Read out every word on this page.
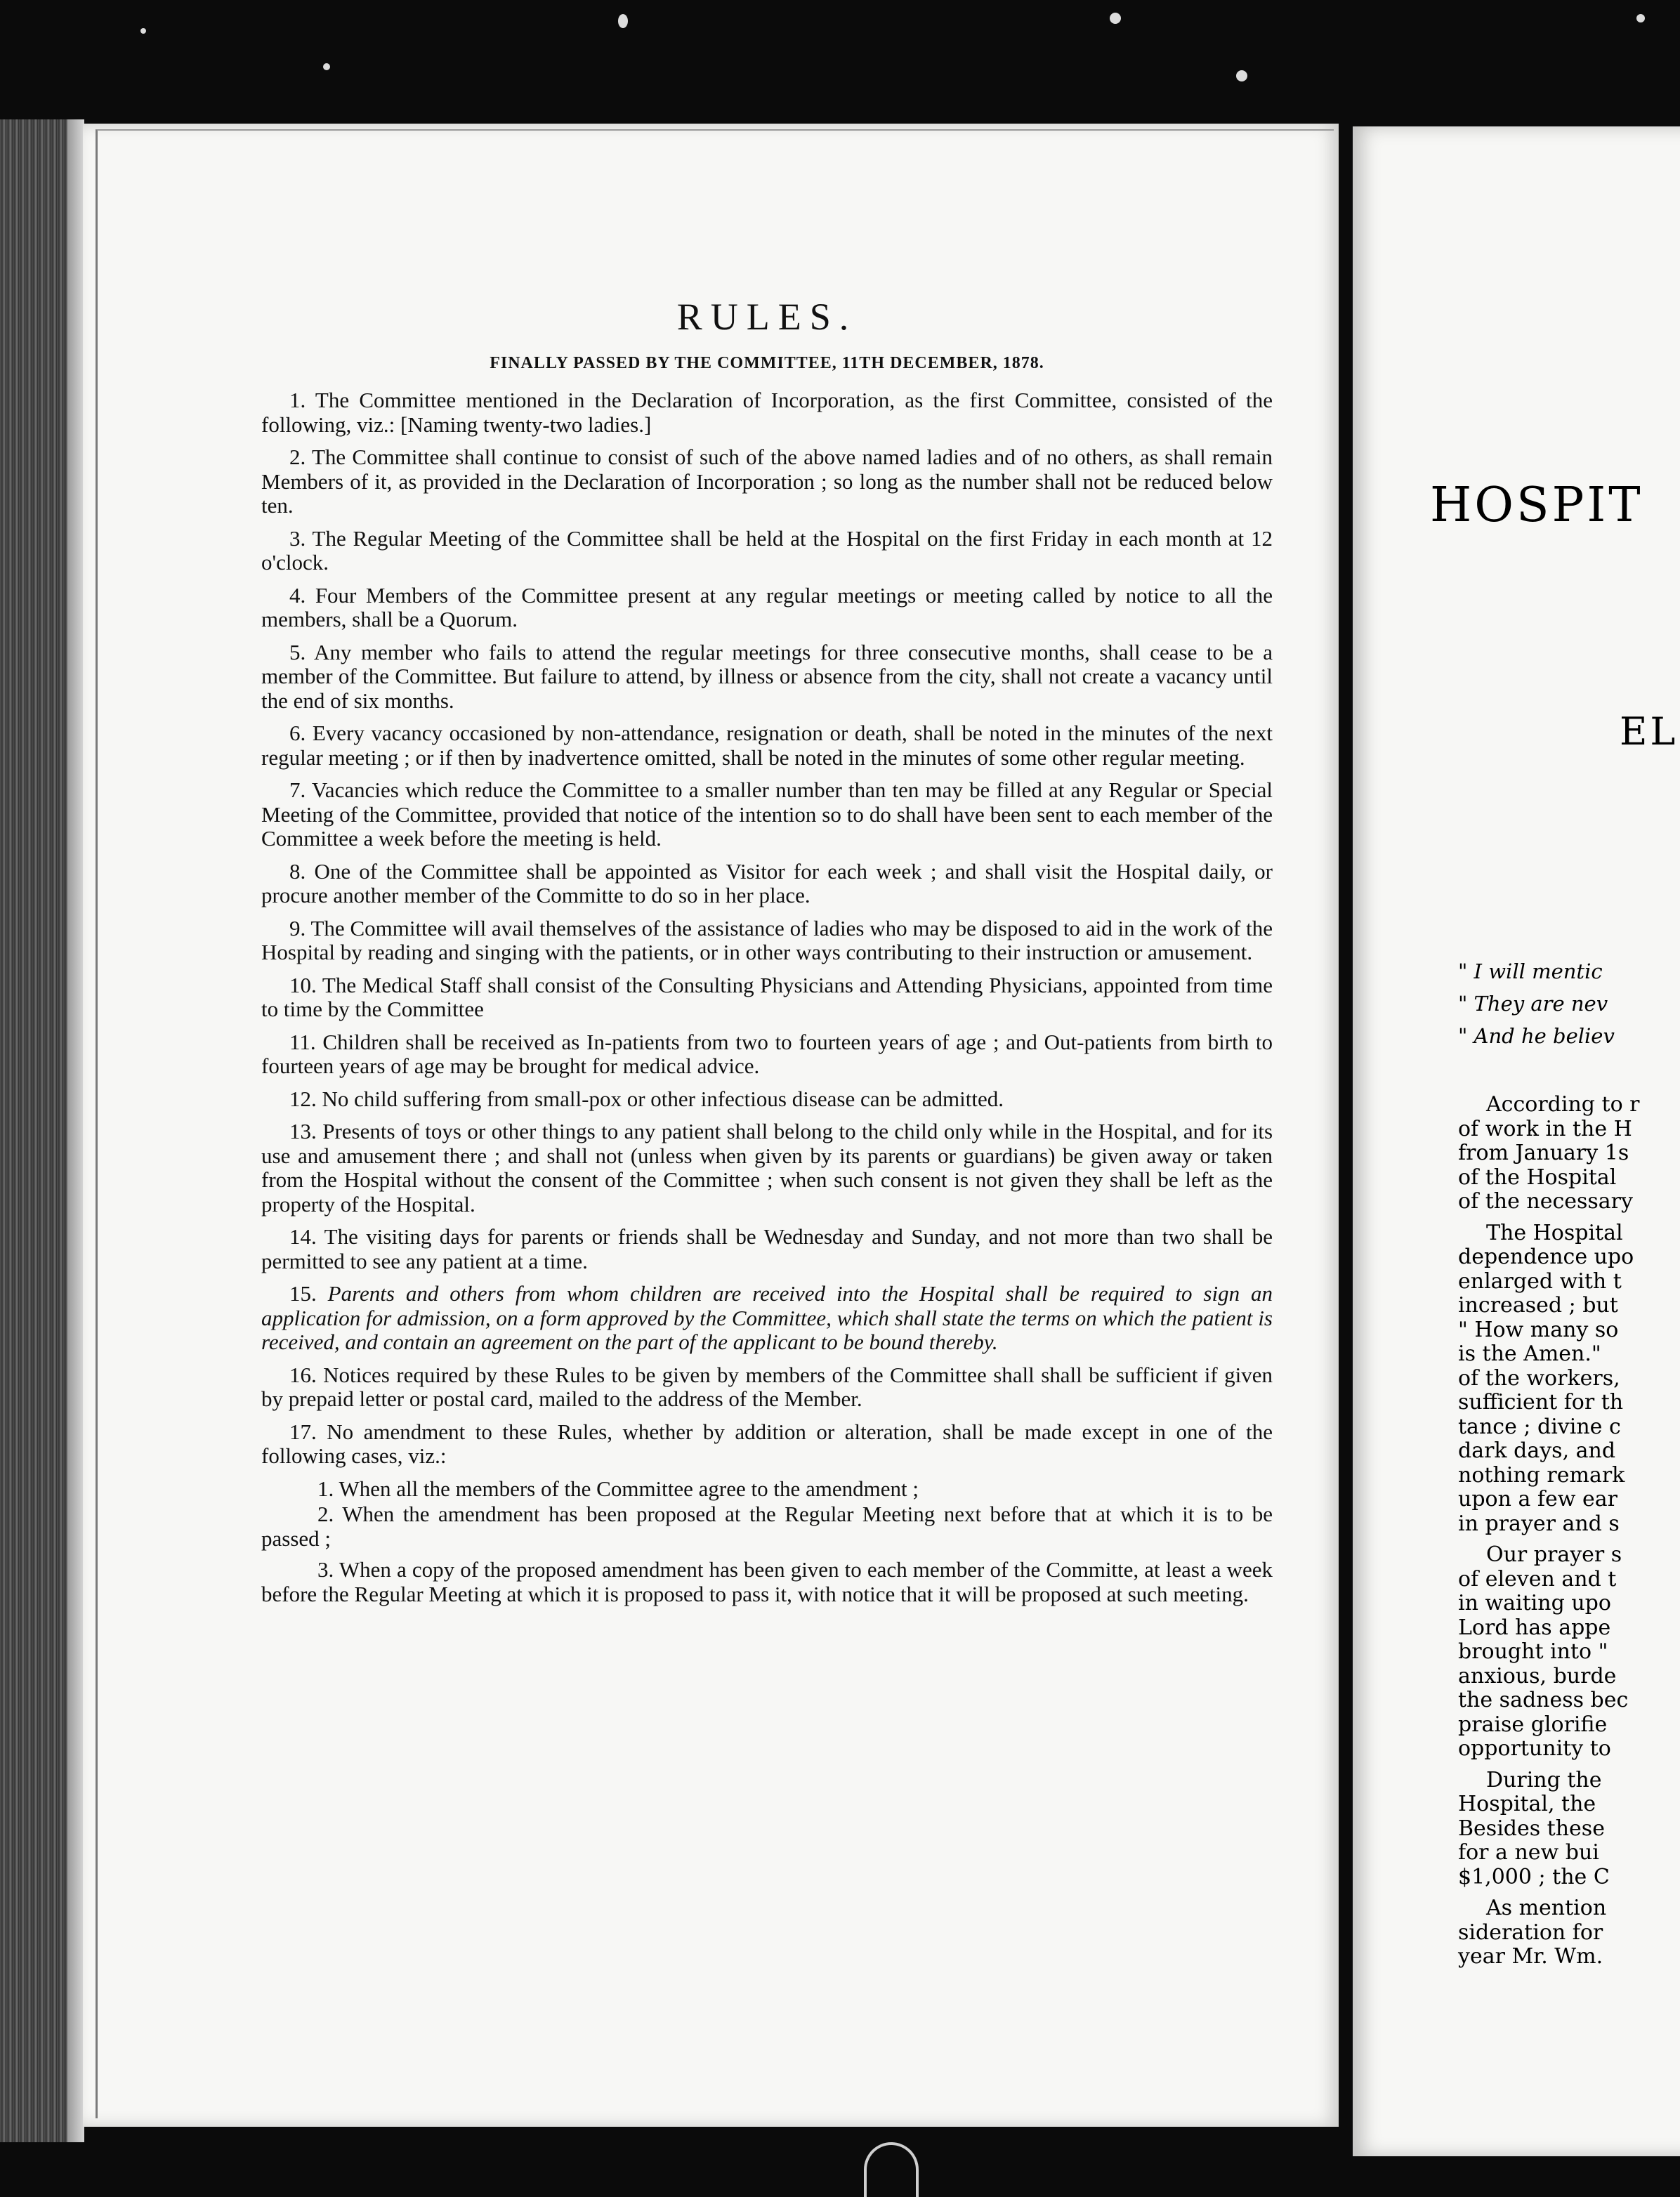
RULES.
FINALLY PASSED BY THE COMMITTEE, 11TH DECEMBER, 1878.

1. The Committee mentioned in the Declaration of Incorporation, as the first Committee, consisted of the following, viz.: [Naming twenty-two ladies.]

2. The Committee shall continue to consist of such of the above named ladies and of no others, as shall remain Members of it, as provided in the Declaration of Incorporation ; so long as the number shall not be reduced below ten.

3. The Regular Meeting of the Committee shall be held at the Hospital on the first Friday in each month at 12 o'clock.

4. Four Members of the Committee present at any regular meetings or meeting called by notice to all the members, shall be a Quorum.

5. Any member who fails to attend the regular meetings for three consecutive months, shall cease to be a member of the Committee. But failure to attend, by illness or absence from the city, shall not create a vacancy until the end of six months.

6. Every vacancy occasioned by non-attendance, resignation or death, shall be noted in the minutes of the next regular meeting ; or if then by inadvertence omitted, shall be noted in the minutes of some other regular meeting.

7. Vacancies which reduce the Committee to a smaller number than ten may be filled at any Regular or Special Meeting of the Committee, provided that notice of the intention so to do shall have been sent to each member of the Committee a week before the meeting is held.

8. One of the Committee shall be appointed as Visitor for each week ; and shall visit the Hospital daily, or procure another member of the Committe to do so in her place.

9. The Committee will avail themselves of the assistance of ladies who may be disposed to aid in the work of the Hospital by reading and singing with the patients, or in other ways contributing to their instruction or amusement.

10. The Medical Staff shall consist of the Consulting Physicians and Attending Physicians, appointed from time to time by the Committee

11. Children shall be received as In-patients from two to fourteen years of age ; and Out-patients from birth to fourteen years of age may be brought for medical advice.

12. No child suffering from small-pox or other infectious disease can be admitted.

13. Presents of toys or other things to any patient shall belong to the child only while in the Hospital, and for its use and amusement there ; and shall not (unless when given by its parents or guardians) be given away or taken from the Hospital without the consent of the Committee ; when such consent is not given they shall be left as the property of the Hospital.

14. The visiting days for parents or friends shall be Wednesday and Sunday, and not more than two shall be permitted to see any patient at a time.

15. Parents and others from whom children are received into the Hospital shall be required to sign an application for admission, on a form approved by the Committee, which shall state the terms on which the patient is received, and contain an agreement on the part of the applicant to be bound thereby.

16. Notices required by these Rules to be given by members of the Committee shall shall be sufficient if given by prepaid letter or postal card, mailed to the address of the Member.

17. No amendment to these Rules, whether by addition or alteration, shall be made except in one of the following cases, viz.:

1. When all the members of the Committee agree to the amendment ;

2. When the amendment has been proposed at the Regular Meeting next before that at which it is to be passed ;

3. When a copy of the proposed amendment has been given to each member of the Committe, at least a week before the Regular Meeting at which it is proposed to pass it, with notice that it will be proposed at such meeting.

HOSPIT
EL
" I will mentic
" They are nev
" And he believ
According to r
of work in the H
from January 1s
of the Hospital
of the necessary
The Hospital
dependence upo
enlarged with t
increased ; but
" How many so
is the Amen."
of the workers,
sufficient for th
tance ; divine c
dark days, and
nothing remark
upon a few ear
in prayer and s
Our prayer s
of eleven and t
in waiting upo
Lord has appe
brought into "
anxious, burde
the sadness bec
praise glorifie
opportunity to
During the
Hospital, the
Besides these
for a new bui
$1,000 ; the C
As mention
sideration for
year Mr. Wm.
